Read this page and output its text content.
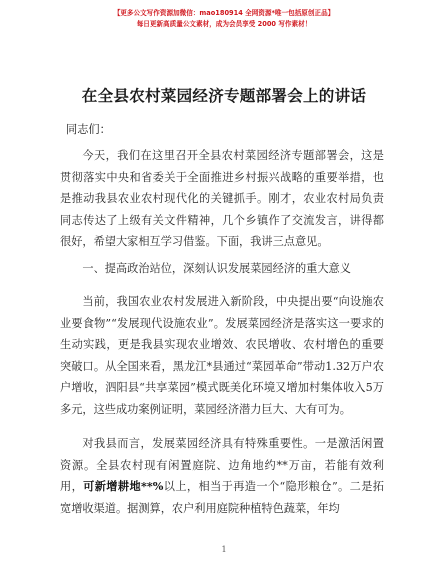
【更多公文写作资源加微信：mao180914 全网资源*唯一包括原创正品】
每日更新高质量公文素材，成为会员享受 2000 写作素材！
在全县农村菜园经济专题部署会上的讲话
同志们：

今天，我们在这里召开全县农村菜园经济专题部署会，这是贯彻落实中央和省委关于全面推进乡村振兴战略的重要举措，也是推动我县农业农村现代化的关键抓手。刚才，农业农村局负责同志传达了上级有关文件精神，几个乡镇作了交流发言，讲得都很好，希望大家相互学习借鉴。下面，我讲三点意见。

一、提高政治站位，深刻认识发展菜园经济的重大意义

当前，我国农业农村发展进入新阶段，中央提出要“向设施农业要食物”“发展现代设施农业”。发展菜园经济是落实这一要求的生动实践，更是我县实现农业增效、农民增收、农村增色的重要突破口。从全国来看，黑龙江*县通过“菜园革命”带动1.32万户农户增收，泗阳县“共享菜园”模式既美化环境又增加村集体收入5万多元，这些成功案例证明，菜园经济潜力巨大、大有可为。

对我县而言，发展菜园经济具有特殊重要性。一是激活闲置资源。全县农村现有闲置庭院、边角地约**万亩，若能有效利用，可新增耕地**%以上，相当于再造一个“隐形粮仓”。二是拓宽增收渠道。据测算，农户利用庭院种植特色蔬菜，年均

1
